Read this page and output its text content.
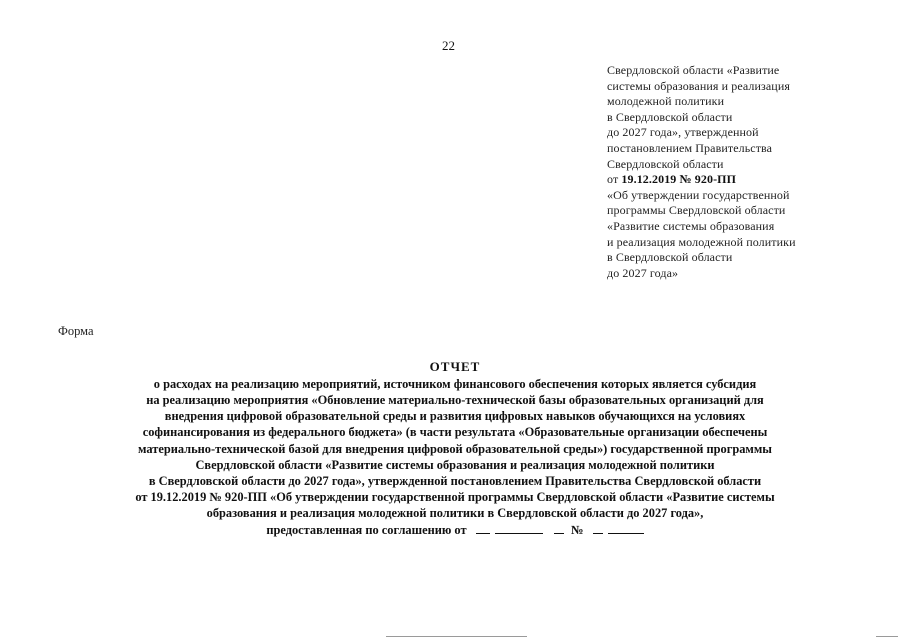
22
Свердловской области «Развитие
системы образования и реализация
молодежной политики
в Свердловской области
до 2027 года», утвержденной
постановлением Правительства
Свердловской области
от 19.12.2019 № 920-ПП
«Об утверждении государственной
программы Свердловской области
«Развитие системы образования
и реализация молодежной политики
в Свердловской области
до 2027 года»
Форма
ОТЧЕТ
о расходах на реализацию мероприятий, источником финансового обеспечения которых является субсидия
на реализацию мероприятия «Обновление материально-технической базы образовательных организаций для
внедрения цифровой образовательной среды и развития цифровых навыков обучающихся на условиях
софинансирования из федерального бюджета» (в части результата «Образовательные организации обеспечены
материально-технической базой для внедрения цифровой образовательной среды») государственной программы
Свердловской области «Развитие системы образования и реализация молодежной политики
в Свердловской области до 2027 года», утвержденной постановлением Правительства Свердловской области
от 19.12.2019 № 920-ПП «Об утверждении государственной программы Свердловской области «Развитие системы
образования и реализация молодежной политики в Свердловской области до 2027 года»,
предоставленная по соглашению от	№
